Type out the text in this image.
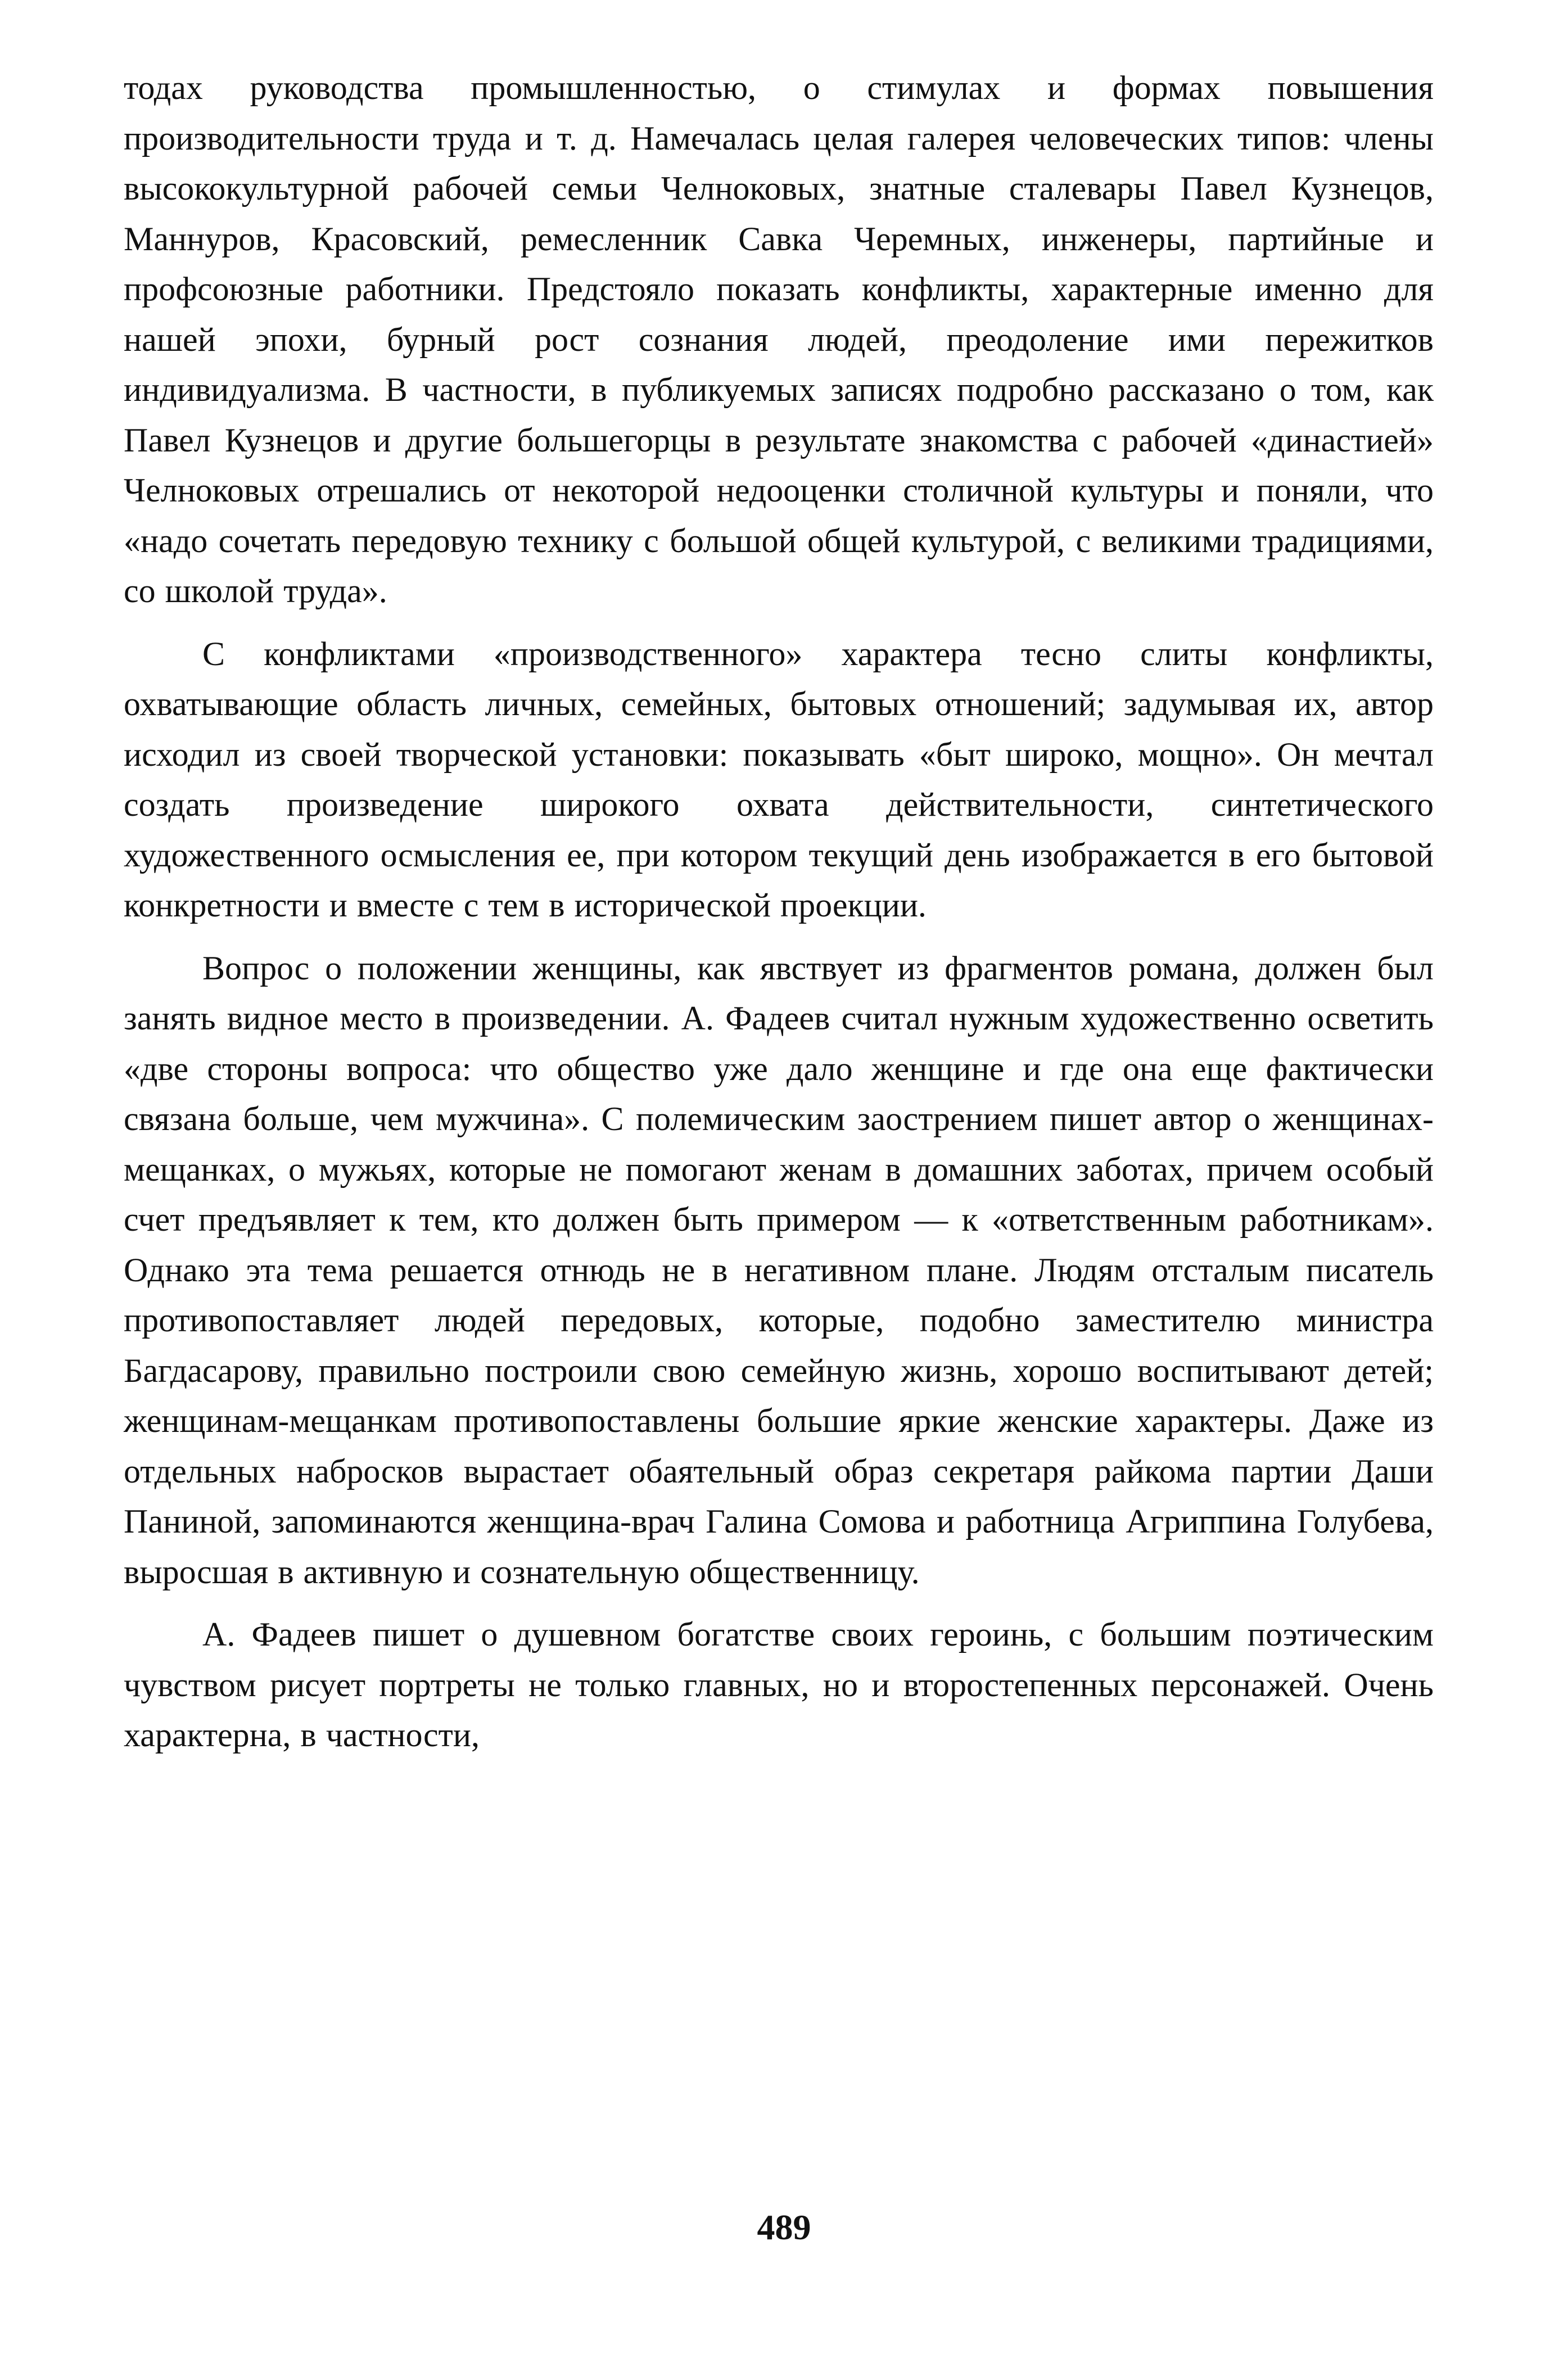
тодах руководства промышленностью, о стимулах и формах повышения производительности труда и т. д. Намечалась целая галерея человеческих типов: члены высококультурной рабочей семьи Челноковых, знатные сталевары Павел Кузнецов, Маннуров, Красовский, ремесленник Савка Черемных, инженеры, партийные и профсоюзные работники. Предстояло показать конфликты, характерные именно для нашей эпохи, бурный рост сознания людей, преодоление ими пережитков индивидуализма. В частности, в публикуемых записях подробно рассказано о том, как Павел Кузнецов и другие большегорцы в результате знакомства с рабочей «династией» Челноковых отрешались от некоторой недооценки столичной культуры и поняли, что «надо сочетать передовую технику с большой общей культурой, с великими традициями, со школой труда».

С конфликтами «производственного» характера тесно слиты конфликты, охватывающие область личных, семейных, бытовых отношений; задумывая их, автор исходил из своей творческой установки: показывать «быт широко, мощно». Он мечтал создать произведение широкого охвата действительности, синтетического художественного осмысления ее, при котором текущий день изображается в его бытовой конкретности и вместе с тем в исторической проекции.

Вопрос о положении женщины, как явствует из фрагментов романа, должен был занять видное место в произведении. А. Фадеев считал нужным художественно осветить «две стороны вопроса: что общество уже дало женщине и где она еще фактически связана больше, чем мужчина». С полемическим заострением пишет автор о женщинах-мещанках, о мужьях, которые не помогают женам в домашних заботах, причем особый счет предъявляет к тем, кто должен быть примером — к «ответственным работникам». Однако эта тема решается отнюдь не в негативном плане. Людям отсталым писатель противопоставляет людей передовых, которые, подобно заместителю министра Багдасарову, правильно построили свою семейную жизнь, хорошо воспитывают детей; женщинам-мещанкам противопоставлены большие яркие женские характеры. Даже из отдельных набросков вырастает обаятельный образ секретаря райкома партии Даши Паниной, запоминаются женщина-врач Галина Сомова и работница Агриппина Голубева, выросшая в активную и сознательную общественницу.

А. Фадеев пишет о душевном богатстве своих героинь, с большим поэтическим чувством рисует портреты не только главных, но и второстепенных персонажей. Очень характерна, в частности,

489
